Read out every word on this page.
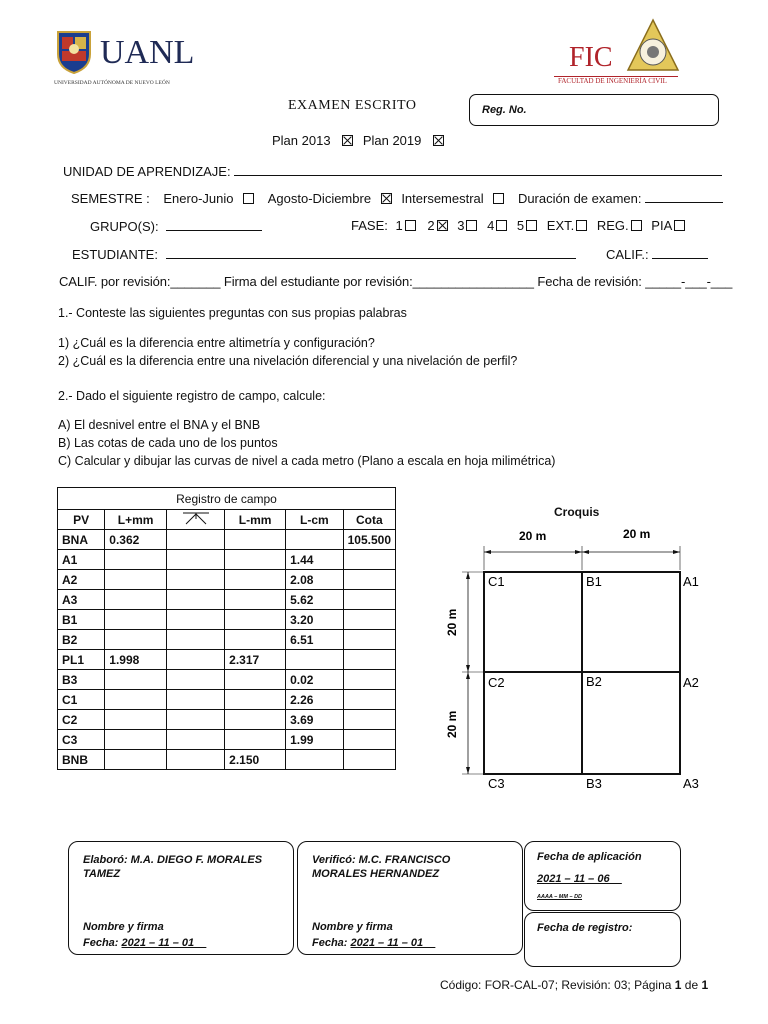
UANL
UNIVERSIDAD AUTÓNOMA DE NUEVO LEÓN
FIC
FACULTAD DE INGENIERÍA CIVIL
EXAMEN ESCRITO	Reg. No.
Plan 2013 Plan 2019
UNIDAD DE APRENDIZAJE:
SEMESTRE : Enero-Junio	Agosto-Diciembre Intersemestral	Duración de examen:
GRUPO(S):	FASE: 1 2 3 4 5 EXT. REG. PIA
ESTUDIANTE:	CALIF.:
CALIF. por revisión:_______ Firma del estudiante por revisión:_________________ Fecha de revisión: _____-___-___
1.- Conteste las siguientes preguntas con sus propias palabras
1) ¿Cuál es la diferencia entre altimetría y configuración?
2) ¿Cuál es la diferencia entre una nivelación diferencial y una nivelación de perfil?
2.- Dado el siguiente registro de campo, calcule:
A) El desnivel entre el BNA y el BNB
B) Las cotas de cada uno de los puntos
C) Calcular y dibujar las curvas de nivel a cada metro (Plano a escala en hoja milimétrica)
Registro de campo					
PV	L+mm		L-mm	L-cm	Cota
BNA	0.362				105.500
A1				1.44	
A2				2.08	
A3				5.62	
B1				3.20	
B2				6.51	
PL1	1.998		2.317		
B3				0.02	
C1				2.26	
C2				3.69	
C3				1.99	
BNB			2.150		
Croquis
20 m	20 m
20 m
20 m
C1	B1	A1
C2	B2	A2
C3	B3	A3
Elaboró: M.A. DIEGO F. MORALES TAMEZ
Nombre y firma
Fecha: 2021 – 11 – 01__
Verificó: M.C. FRANCISCO MORALES HERNANDEZ
Nombre y firma
Fecha: 2021 – 11 – 01__
Fecha de aplicación
2021 – 11 – 06__
AAAA – MM – DD
Fecha de registro:
Código: FOR-CAL-07; Revisión: 03; Página 1 de 1
